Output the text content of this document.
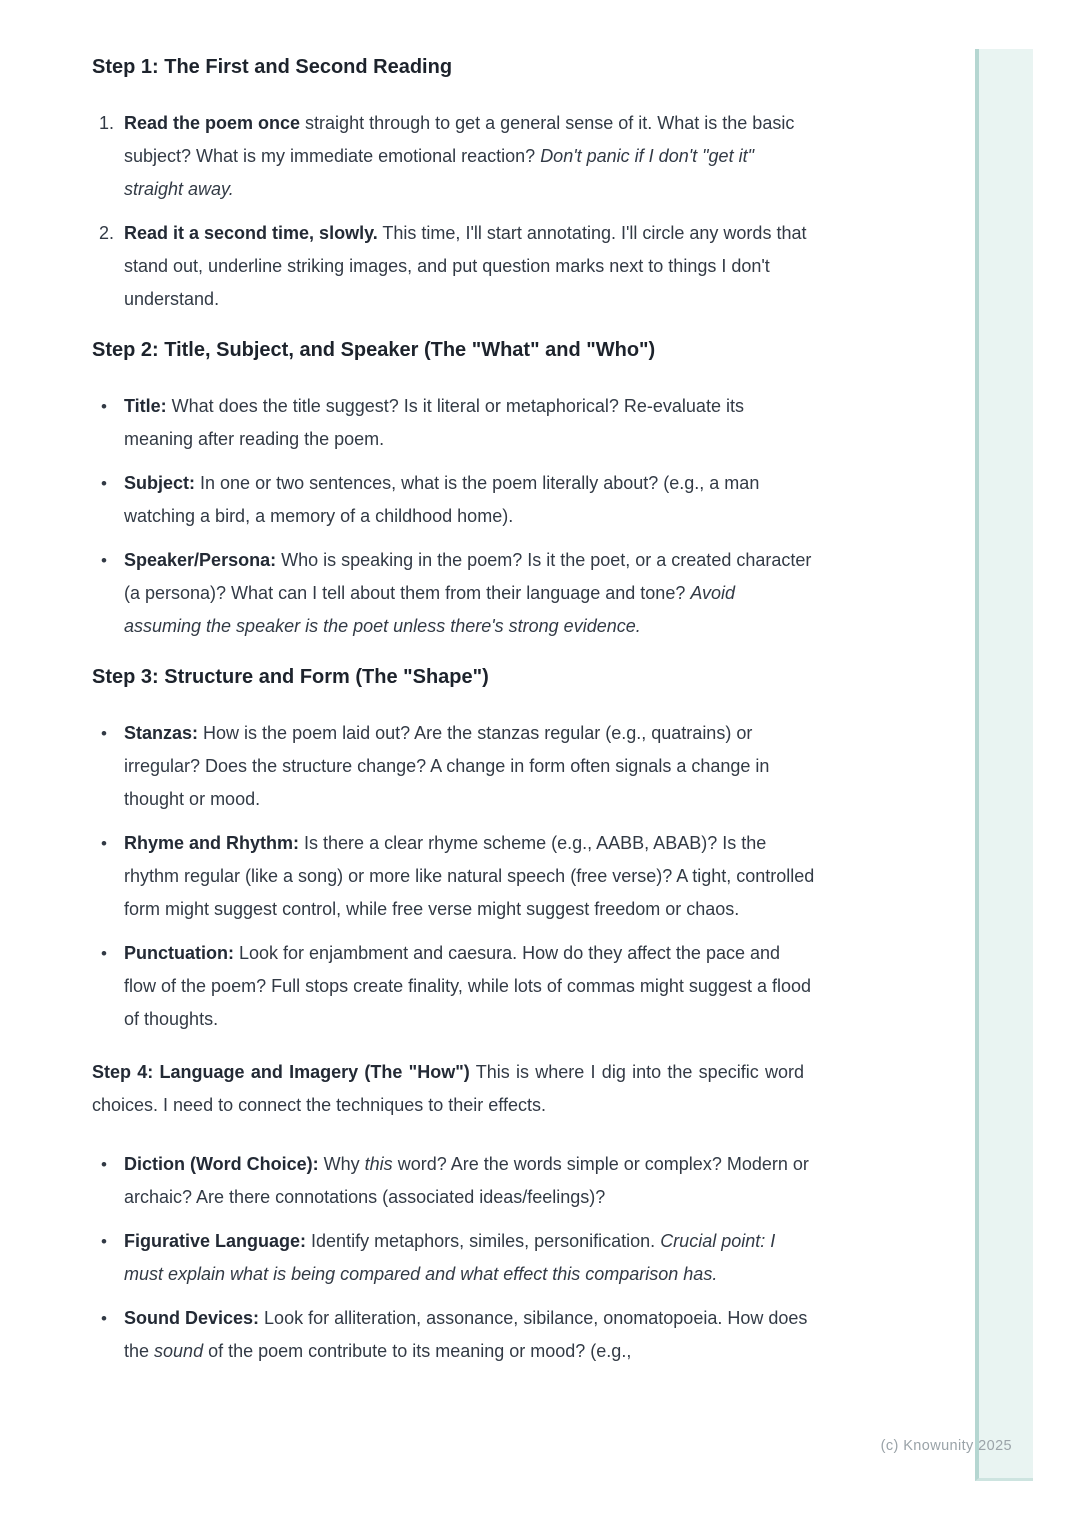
(c) Knowunity 2025
Step 1: The First and Second Reading
1. Read the poem once straight through to get a general sense of it. What is the basic subject? What is my immediate emotional reaction? Don't panic if I don't "get it" straight away.
2. Read it a second time, slowly. This time, I'll start annotating. I'll circle any words that stand out, underline striking images, and put question marks next to things I don't understand.
Step 2: Title, Subject, and Speaker (The "What" and "Who")
• Title: What does the title suggest? Is it literal or metaphorical? Re-evaluate its meaning after reading the poem.
• Subject: In one or two sentences, what is the poem literally about? (e.g., a man watching a bird, a memory of a childhood home).
• Speaker/Persona: Who is speaking in the poem? Is it the poet, or a created character (a persona)? What can I tell about them from their language and tone? Avoid assuming the speaker is the poet unless there's strong evidence.
Step 3: Structure and Form (The "Shape")
• Stanzas: How is the poem laid out? Are the stanzas regular (e.g., quatrains) or irregular? Does the structure change? A change in form often signals a change in thought or mood.
• Rhyme and Rhythm: Is there a clear rhyme scheme (e.g., AABB, ABAB)? Is the rhythm regular (like a song) or more like natural speech (free verse)? A tight, controlled form might suggest control, while free verse might suggest freedom or chaos.
• Punctuation: Look for enjambment and caesura. How do they affect the pace and flow of the poem? Full stops create finality, while lots of commas might suggest a flood of thoughts.

Step 4: Language and Imagery (The "How") This is where I dig into the specific word choices. I need to connect the techniques to their effects.

• Diction (Word Choice): Why this word? Are the words simple or complex? Modern or archaic? Are there connotations (associated ideas/feelings)?
• Figurative Language: Identify metaphors, similes, personification. Crucial point: I must explain what is being compared and what effect this comparison has.
• Sound Devices: Look for alliteration, assonance, sibilance, onomatopoeia. How does the sound of the poem contribute to its meaning or mood? (e.g.,
